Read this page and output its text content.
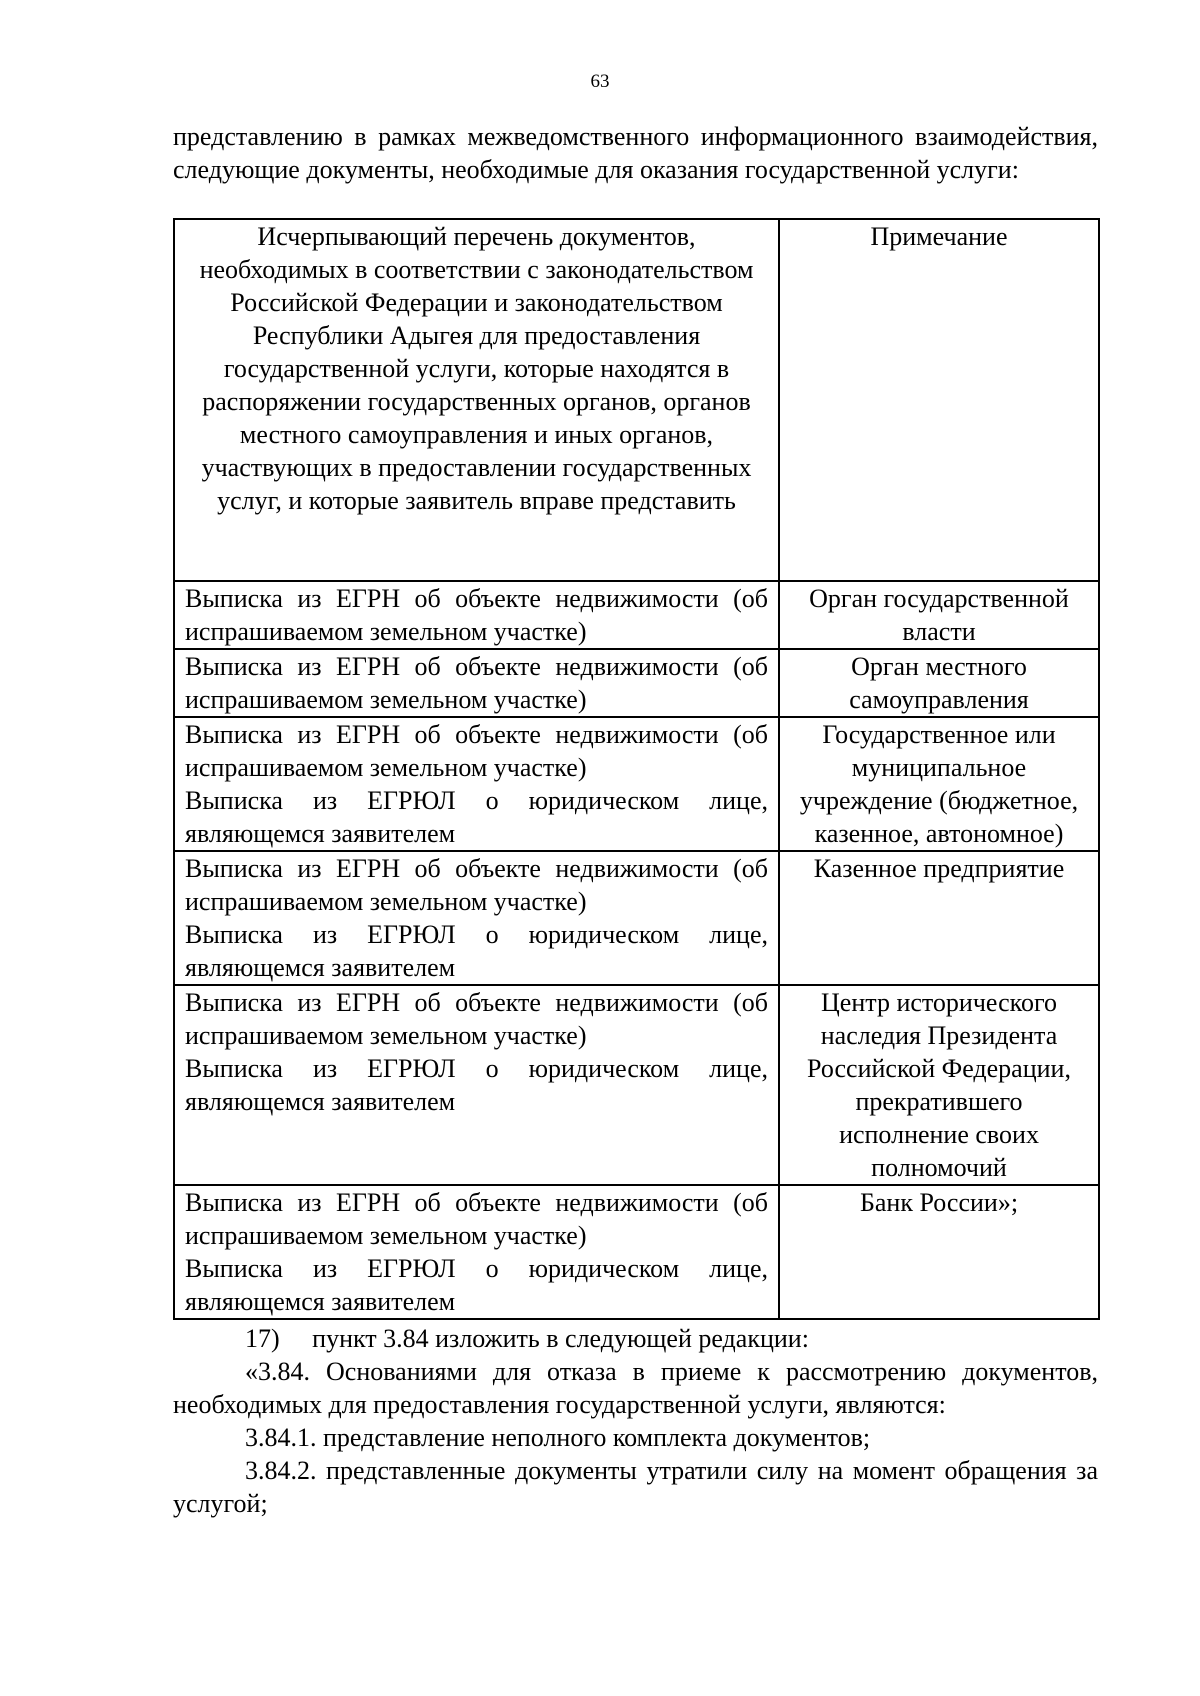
63
представлению в рамках межведомственного информационного взаимодействия, следующие документы, необходимые для оказания государственной услуги:
Исчерпывающий перечень документов, необходимых в соответствии с законодательством Российской Федерации и законодательством Республики Адыгея для предоставления государственной услуги, которые находятся в распоряжении государственных органов, органов местного самоуправления и иных органов, участвующих в предоставлении государственных услуг, и которые заявитель вправе представить	Примечание

Выписка из ЕГРН об объекте недвижимости (об испрашиваемом земельном участке)	Орган государственной власти

Выписка из ЕГРН об объекте недвижимости (об испрашиваемом земельном участке)	Орган местного самоуправления

Выписка из ЕГРН об объекте недвижимости (об испрашиваемом земельном участке)
Выписка из ЕГРЮЛ о юридическом лице, являющемся заявителем	Государственное или муниципальное учреждение (бюджетное, казенное, автономное)

Выписка из ЕГРН об объекте недвижимости (об испрашиваемом земельном участке)
Выписка из ЕГРЮЛ о юридическом лице, являющемся заявителем	Казенное предприятие

Выписка из ЕГРН об объекте недвижимости (об испрашиваемом земельном участке)
Выписка из ЕГРЮЛ о юридическом лице, являющемся заявителем	Центр исторического наследия Президента Российской Федерации, прекратившего исполнение своих полномочий

Выписка из ЕГРН об объекте недвижимости (об испрашиваемом земельном участке)
Выписка из ЕГРЮЛ о юридическом лице, являющемся заявителем	Банк России»;
17)     пункт 3.84 изложить в следующей редакции:
«3.84. Основаниями для отказа в приеме к рассмотрению документов, необходимых для предоставления государственной услуги, являются:
3.84.1. представление неполного комплекта документов;
3.84.2. представленные документы утратили силу на момент обращения за услугой;
